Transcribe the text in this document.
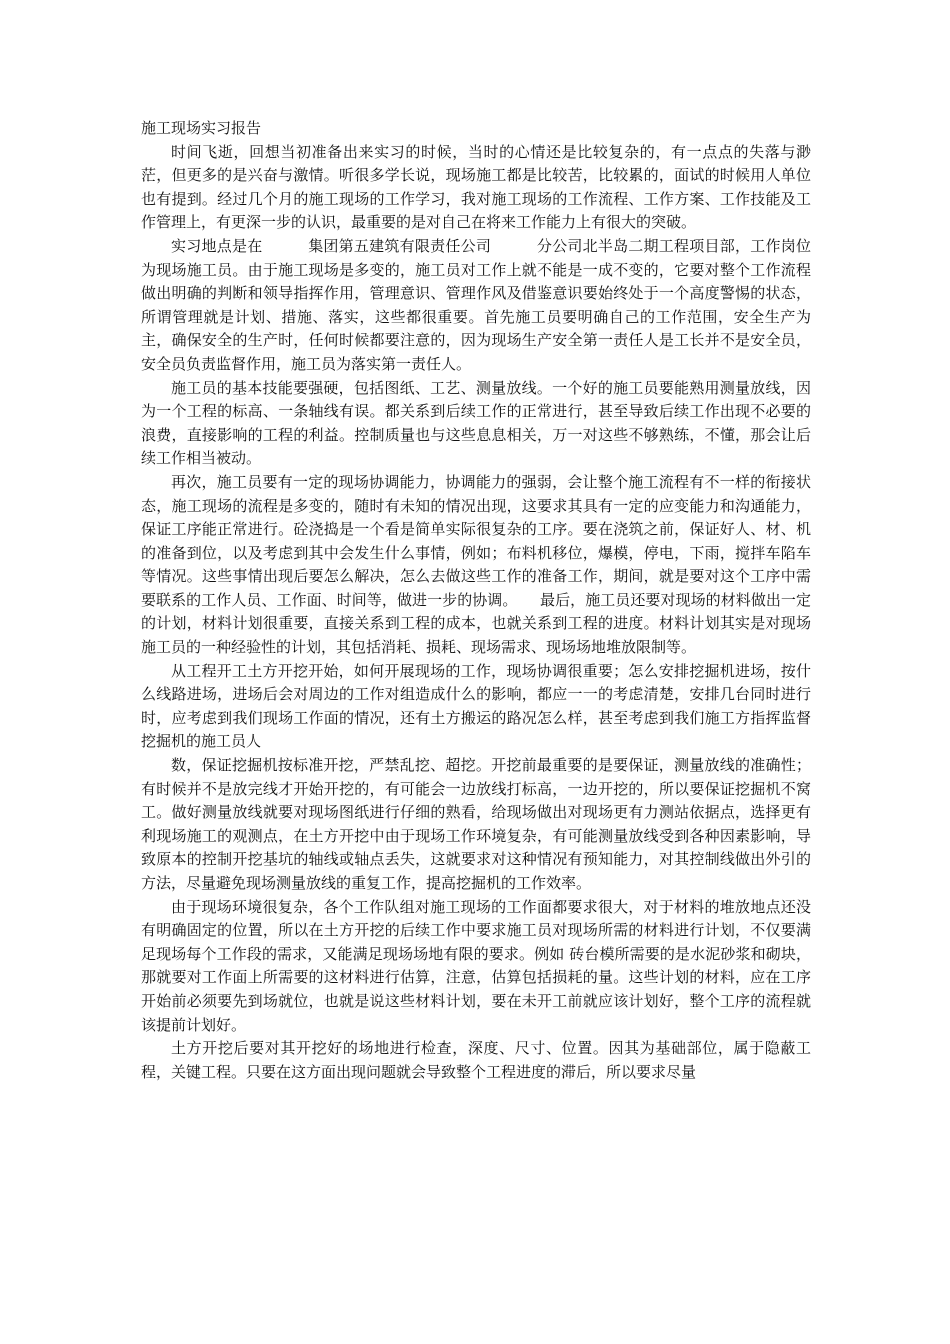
施工现场实习报告

时间飞逝，回想当初准备出来实习的时候，当时的心情还是比较复杂的，有一点点的失落与渺茫，但更多的是兴奋与激情。听很多学长说，现场施工都是比较苦，比较累的，面试的时候用人单位也有提到。经过几个月的施工现场的工作学习，我对施工现场的工作流程、工作方案、工作技能及工作管理上，有更深一步的认识，最重要的是对自己在将来工作能力上有很大的突破。

实习地点是在　　　集团第五建筑有限责任公司　　　分公司北半岛二期工程项目部，工作岗位为现场施工员。由于施工现场是多变的，施工员对工作上就不能是一成不变的，它要对整个工作流程做出明确的判断和领导指挥作用，管理意识、管理作风及借鉴意识要始终处于一个高度警惕的状态，所谓管理就是计划、措施、落实，这些都很重要。首先施工员要明确自己的工作范围，安全生产为主，确保安全的生产时，任何时候都要注意的，因为现场生产安全第一责任人是工长并不是安全员，安全员负责监督作用，施工员为落实第一责任人。

施工员的基本技能要强硬，包括图纸、工艺、测量放线。一个好的施工员要能熟用测量放线，因为一个工程的标高、一条轴线有误。都关系到后续工作的正常进行，甚至导致后续工作出现不必要的浪费，直接影响的工程的利益。控制质量也与这些息息相关，万一对这些不够熟练，不懂，那会让后续工作相当被动。

再次，施工员要有一定的现场协调能力，协调能力的强弱，会让整个施工流程有不一样的衔接状态，施工现场的流程是多变的，随时有未知的情况出现，这要求其具有一定的应变能力和沟通能力，保证工序能正常进行。砼浇捣是一个看是简单实际很复杂的工序。要在浇筑之前，保证好人、材、机的准备到位，以及考虑到其中会发生什么事情，例如；布料机移位，爆模，停电，下雨，搅拌车陷车等情况。这些事情出现后要怎么解决，怎么去做这些工作的准备工作，期间，就是要对这个工序中需要联系的工作人员、工作面、时间等，做进一步的协调。　　最后，施工员还要对现场的材料做出一定的计划，材料计划很重要，直接关系到工程的成本，也就关系到工程的进度。材料计划其实是对现场施工员的一种经验性的计划，其包括消耗、损耗、现场需求、现场场地堆放限制等。

从工程开工土方开挖开始，如何开展现场的工作，现场协调很重要；怎么安排挖掘机进场，按什么线路进场，进场后会对周边的工作对组造成什么的影响，都应一一的考虑清楚，安排几台同时进行时，应考虑到我们现场工作面的情况，还有土方搬运的路况怎么样，甚至考虑到我们施工方指挥监督挖掘机的施工员人

数，保证挖掘机按标准开挖，严禁乱挖、超挖。开挖前最重要的是要保证，测量放线的准确性；有时候并不是放完线才开始开挖的，有可能会一边放线打标高，一边开挖的，所以要保证挖掘机不窝工。做好测量放线就要对现场图纸进行仔细的熟看，给现场做出对现场更有力测站依据点，选择更有利现场施工的观测点，在土方开挖中由于现场工作环境复杂，有可能测量放线受到各种因素影响，导致原本的控制开挖基坑的轴线或轴点丢失，这就要求对这种情况有预知能力，对其控制线做出外引的方法，尽量避免现场测量放线的重复工作，提高挖掘机的工作效率。

由于现场环境很复杂，各个工作队组对施工现场的工作面都要求很大，对于材料的堆放地点还没有明确固定的位置，所以在土方开挖的后续工作中要求施工员对现场所需的材料进行计划，不仅要满足现场每个工作段的需求，又能满足现场场地有限的要求。例如 砖台模所需要的是水泥砂浆和砌块，那就要对工作面上所需要的这材料进行估算，注意，估算包括损耗的量。这些计划的材料，应在工序开始前必须要先到场就位，也就是说这些材料计划，要在未开工前就应该计划好，整个工序的流程就该提前计划好。

土方开挖后要对其开挖好的场地进行检查，深度、尺寸、位置。因其为基础部位，属于隐蔽工程，关键工程。只要在这方面出现问题就会导致整个工程进度的滞后，所以要求尽量
